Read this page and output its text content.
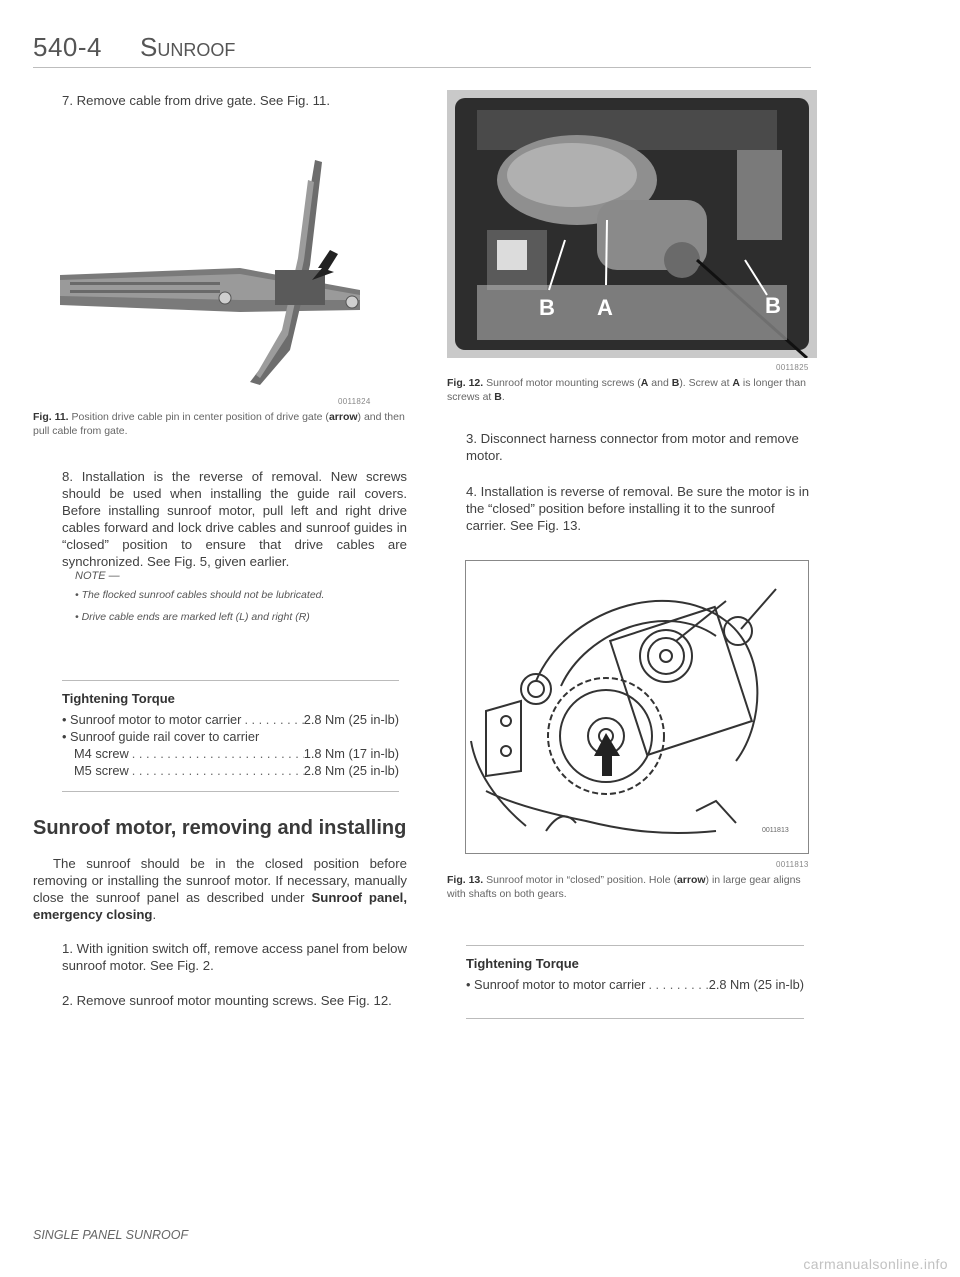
540-4 Sunroof
7. Remove cable from drive gate. See Fig. 11.
0011824
Fig. 11. Position drive cable pin in center position of drive gate (arrow) and then pull cable from gate.
8. Installation is the reverse of removal. New screws should be used when installing the guide rail covers. Before installing sunroof motor, pull left and right drive cables forward and lock drive cables and sunroof guides in “closed” position to ensure that drive cables are synchronized. See Fig. 5, given earlier.
NOTE —
• The flocked sunroof cables should not be lubricated.
• Drive cable ends are marked left (L) and right (R)
Tightening Torque
• Sunroof motor to motor carrier . . .	2.8 Nm (25 in-lb)
• Sunroof guide rail cover to carrier
M4 screw . . .	1.8 Nm (17 in-lb)
M5 screw . . .	2.8 Nm (25 in-lb)
Sunroof motor, removing and installing
The sunroof should be in the closed position before removing or installing the sunroof motor. If necessary, manually close the sunroof panel as described under Sunroof panel, emergency closing.
1. With ignition switch off, remove access panel from below sunroof motor. See Fig. 2.
2. Remove sunroof motor mounting screws. See Fig. 12.
B A	B
0011825
Fig. 12. Sunroof motor mounting screws (A and B). Screw at A is longer than screws at B.
3. Disconnect harness connector from motor and remove motor.
4. Installation is reverse of removal. Be sure the motor is in the “closed” position before installing it to the sunroof carrier. See Fig. 13.
0011813
0011813
Fig. 13. Sunroof motor in “closed” position. Hole (arrow) in large gear aligns with shafts on both gears.
Tightening Torque
• Sunroof motor to motor carrier . . .	2.8 Nm (25 in-lb)
SINGLE PANEL SUNROOF
carmanualsonline.info
